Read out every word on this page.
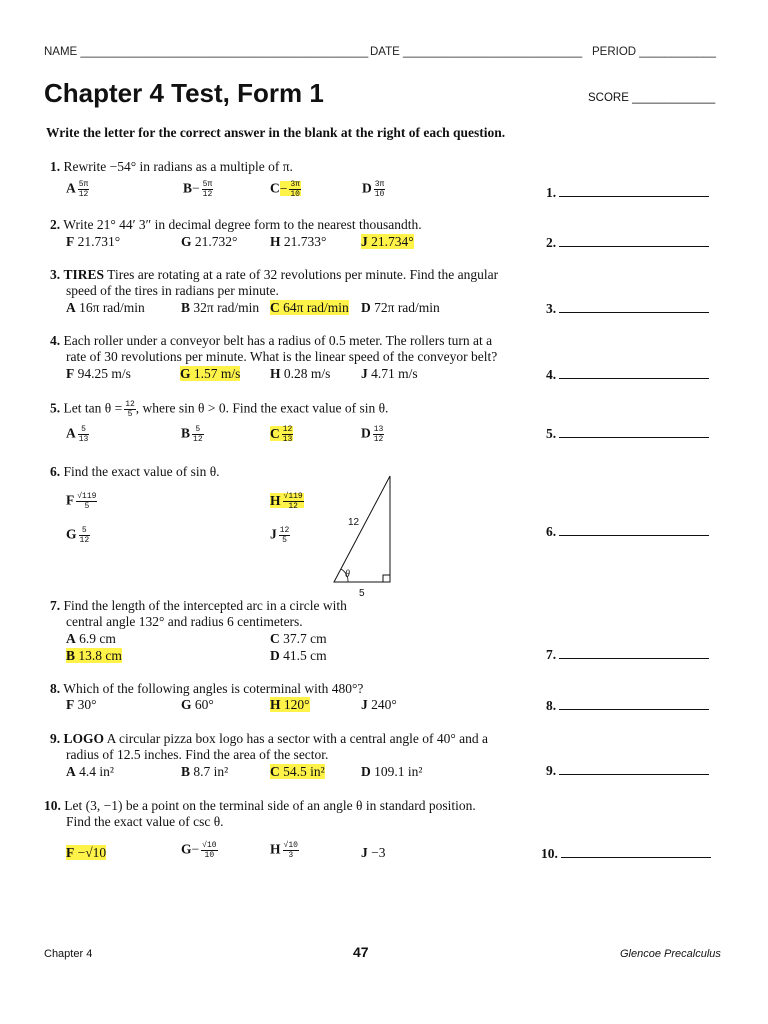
NAME _____________________________________________ DATE ____________________________ PERIOD ____________
Chapter 4 Test, Form 1	SCORE _____________
Write the letter for the correct answer in the blank at the right of each question.
1. Rewrite −54° in radians as a multiple of π.
A $\frac{5\pi}{12}$	$B- \frac{5\pi}{12}$	$C- \frac{3\pi}{10}$	D $\frac{3\pi}{10}$	1.
2. Write 21° 44′ 3″ in decimal degree form to the nearest thousandth.
F 21.731°	G 21.732° H 21.733°	J 21.734°	2.
3. TIRES Tires are rotating at a rate of 32 revolutions per minute. Find the angular
speed of the tires in radians per minute.
A 16π rad/min	B 32π rad/min C 64π rad/min D 72π rad/min	3.
4. Each roller under a conveyor belt has a radius of 0.5 meter. The rollers turn at a
rate of 30 revolutions per minute. What is the linear speed of the conveyor belt?
F 94.25 m/s	G 1.57 m/s H 0.28 m/s J 4.71 m/s	4.
5. Let $\tan \theta = \frac{12}{5}$ , where sin θ > 0. Find the exact value of sin θ.
A $\frac{5}{13}$	B $\frac{5}{12}$	C $\frac{12}{13}$	D $\frac{13}{12}$	5.
6. Find the exact value of sin θ.
F $\frac{√119}{5}$
G $\frac{5}{12}$
H $\frac{√119}{12}$
J $\frac{12}{5}$
12
5
θ
6.
7. Find the length of the intercepted arc in a circle with
central angle 132° and radius 6 centimeters.
A 6.9 cm
B 13.8 cm
C 37.7 cm
D 41.5 cm	7.
8. Which of the following angles is coterminal with 480°?
F 30°	G 60°	H 120°	J 240°	8.
9. LOGO A circular pizza box logo has a sector with a central angle of 40° and a
radius of 12.5 inches. Find the area of the sector.
A 4.4 in²	B 8.7 in²	C 54.5 in²	D 109.1 in²	9.
10. Let (3, −1) be a point on the terminal side of an angle θ in standard position.
Find the exact value of csc θ.
F −√10	$G- \frac{√10}{10}$	H $\frac{√10}{3}$	J −3	10.
Chapter 4	47	Glencoe Precalculus
